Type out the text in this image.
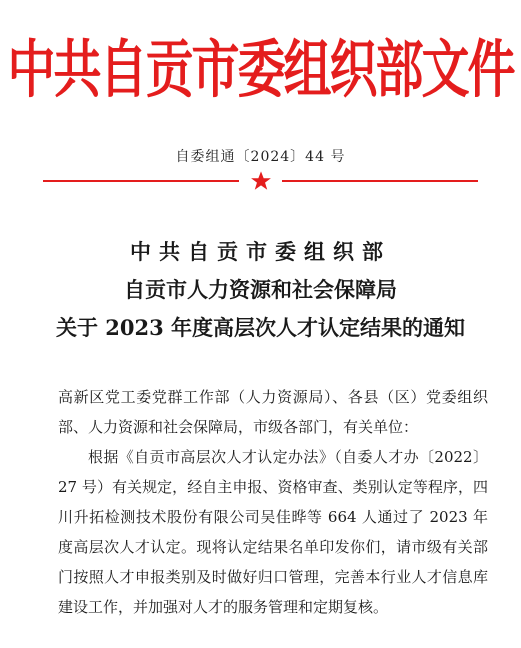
中共自贡市委组织部文件
自委组通〔2024〕44 号
中共自贡市委组织部
自贡市人力资源和社会保障局
关于 2023 年度高层次人才认定结果的通知

高新区党工委党群工作部（人力资源局）、各县（区）党委组织部、人力资源和社会保障局，市级各部门，有关单位：

根据《自贡市高层次人才认定办法》（自委人才办〔2022〕27 号）有关规定，经自主申报、资格审查、类别认定等程序，四川升拓检测技术股份有限公司吴佳晔等 664 人通过了 2023 年度高层次人才认定。现将认定结果名单印发你们，请市级有关部门按照人才申报类别及时做好归口管理，完善本行业人才信息库建设工作，并加强对人才的服务管理和定期复核。
